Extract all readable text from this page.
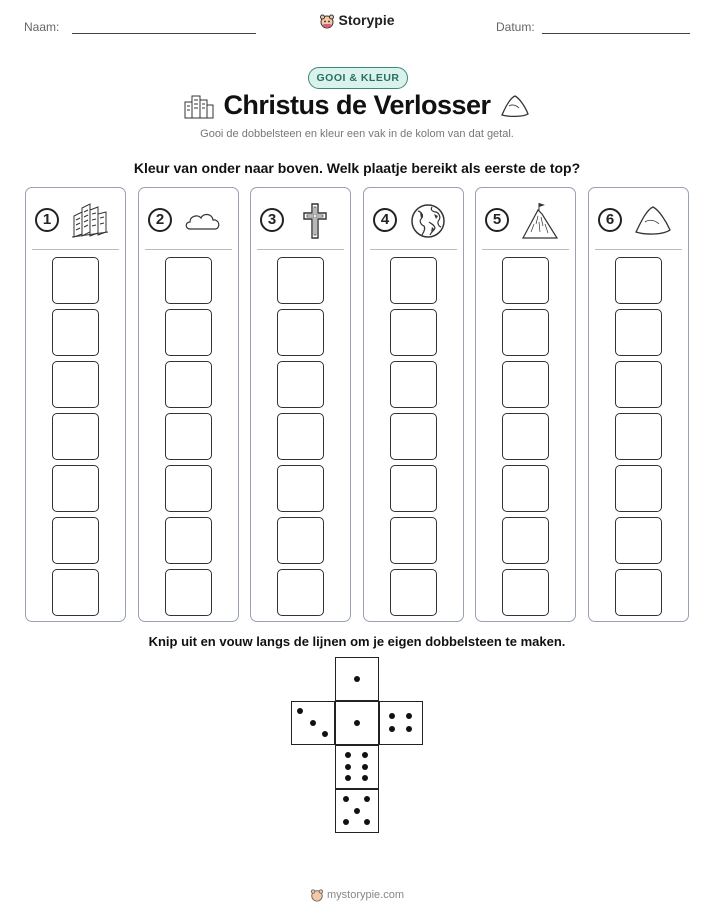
Naam:	Storypie	Datum:
GOOI & KLEUR
Christus de Verlosser
Gooi de dobbelsteen en kleur een vak in de kolom van dat getal.
Kleur van onder naar boven. Welk plaatje bereikt als eerste de top?
1	2	3	4	5	6
Knip uit en vouw langs de lijnen om je eigen dobbelsteen te maken.
mystorypie.com
